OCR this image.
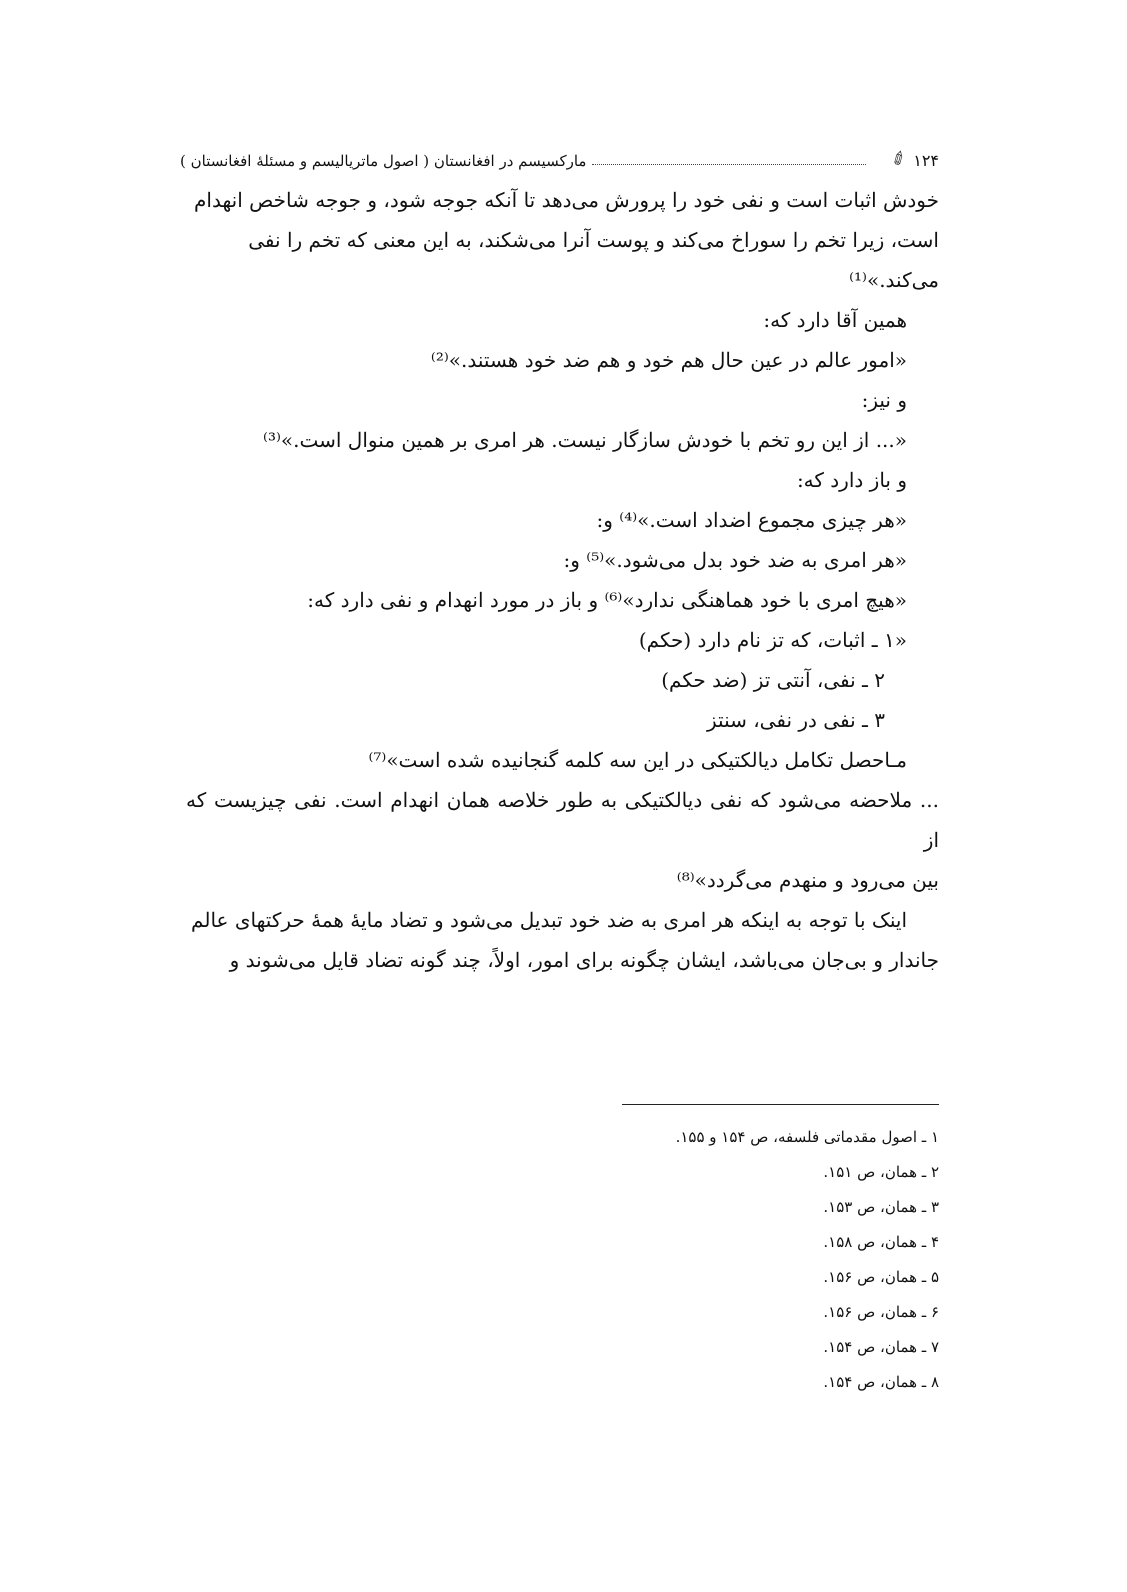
مارکسیسم در افغانستان ( اصول ماتریالیسم و مسئلهٔ افغانستان )	✐ ۱۲۴

خودش اثبات است و نفی خود را پرورش می‌دهد تا آنکه جوجه شود، و جوجه شاخص انهدام

است، زیرا تخم را سوراخ می‌کند و پوست آنرا می‌شکند، به این معنی که تخم را نفی

می‌کند.»⁽¹⁾

همین آقا دارد که:

«امور عالم در عین حال هم خود و هم ضد خود هستند.»⁽²⁾

و نیز:

«... از این رو تخم با خودش سازگار نیست. هر امری بر همین منوال است.»⁽³⁾

و باز دارد که:

«هر چیزی مجموع اضداد است.»⁽⁴⁾ و:

«هر امری به ضد خود بدل می‌شود.»⁽⁵⁾ و:

«هیچ امری با خود هماهنگی ندارد»⁽⁶⁾ و باز در مورد انهدام و نفی دارد که:

«۱ ـ اثبات، که تز نام دارد (حکم)

۲ ـ نفی، آنتی تز (ضد حکم)

۳ ـ نفی در نفی، سنتز

مـاحصل تکامل دیالکتیکی در این سه کلمه گنجانیده شده است»⁽⁷⁾

... ملاحضه می‌شود که نفی دیالکتیکی به طور خلاصه همان انهدام است. نفی چیزیست که از

بین می‌رود و منهدم می‌گردد»⁽⁸⁾

اینک با توجه به اینکه هر امری به ضد خود تبدیل می‌شود و تضاد مایهٔ همهٔ حرکتهای عالم

جاندار و بی‌جان می‌باشد، ایشان چگونه برای امور، اولاً، چند گونه تضاد قایل می‌شوند و

۱ ـ اصول مقدماتی فلسفه، ص ۱۵۴ و ۱۵۵.
۲ ـ همان، ص ۱۵۱.
۳ ـ همان، ص ۱۵۳.
۴ ـ همان، ص ۱۵۸.
۵ ـ همان، ص ۱۵۶.
۶ ـ همان، ص ۱۵۶.
۷ ـ همان، ص ۱۵۴.
۸ ـ همان، ص ۱۵۴.
